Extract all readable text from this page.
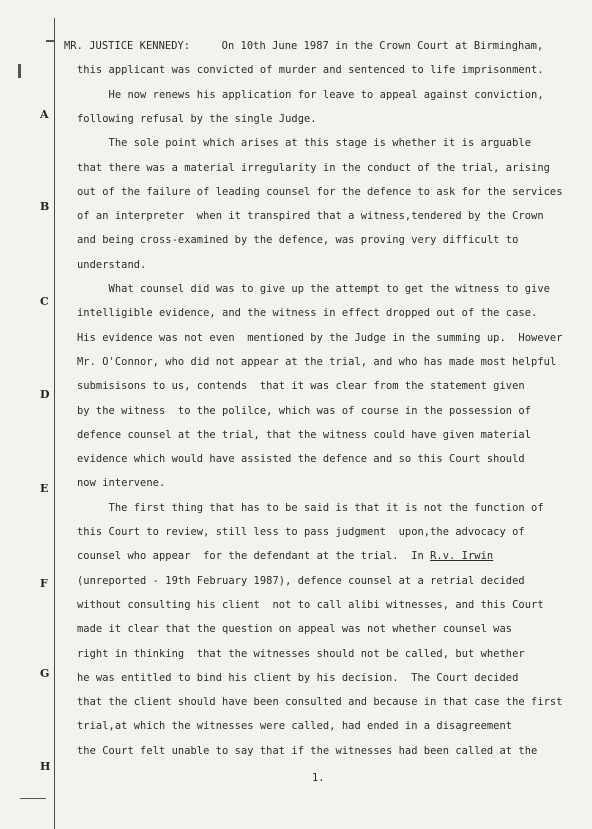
A
B
C
D
E
F
G
H
MR. JUSTICE KENNEDY:     On 10th June 1987 in the Crown Court at Birmingham,
this applicant was convicted of murder and sentenced to life imprisonment.
He now renews his application for leave to appeal against conviction,
following refusal by the single Judge.
The sole point which arises at this stage is whether it is arguable
that there was a material irregularity in the conduct of the trial, arising
out of the failure of leading counsel for the defence to ask for the services
of an interpreter  when it transpired that a witness,tendered by the Crown
and being cross-examined by the defence, was proving very difficult to
understand.
What counsel did was to give up the attempt to get the witness to give
intelligible evidence, and the witness in effect dropped out of the case.
His evidence was not even  mentioned by the Judge in the summing up.  However
Mr. O'Connor, who did not appear at the trial, and who has made most helpful
submisisons to us, contends  that it was clear from the statement given
by the witness  to the polilce, which was of course in the possession of
defence counsel at the trial, that the witness could have given material
evidence which would have assisted the defence and so this Court should
now intervene.
The first thing that has to be said is that it is not the function of
this Court to review, still less to pass judgment  upon,the advocacy of
counsel who appear  for the defendant at the trial.  In R.v. Irwin
(unreported - 19th February 1987), defence counsel at a retrial decided
without consulting his client  not to call alibi witnesses, and this Court
made it clear that the question on appeal was not whether counsel was
right in thinking  that the witnesses should not be called, but whether
he was entitled to bind his client by his decision.  The Court decided
that the client should have been consulted and because in that case the first
trial,at which the witnesses were called, had ended in a disagreement
the Court felt unable to say that if the witnesses had been called at the
1.
